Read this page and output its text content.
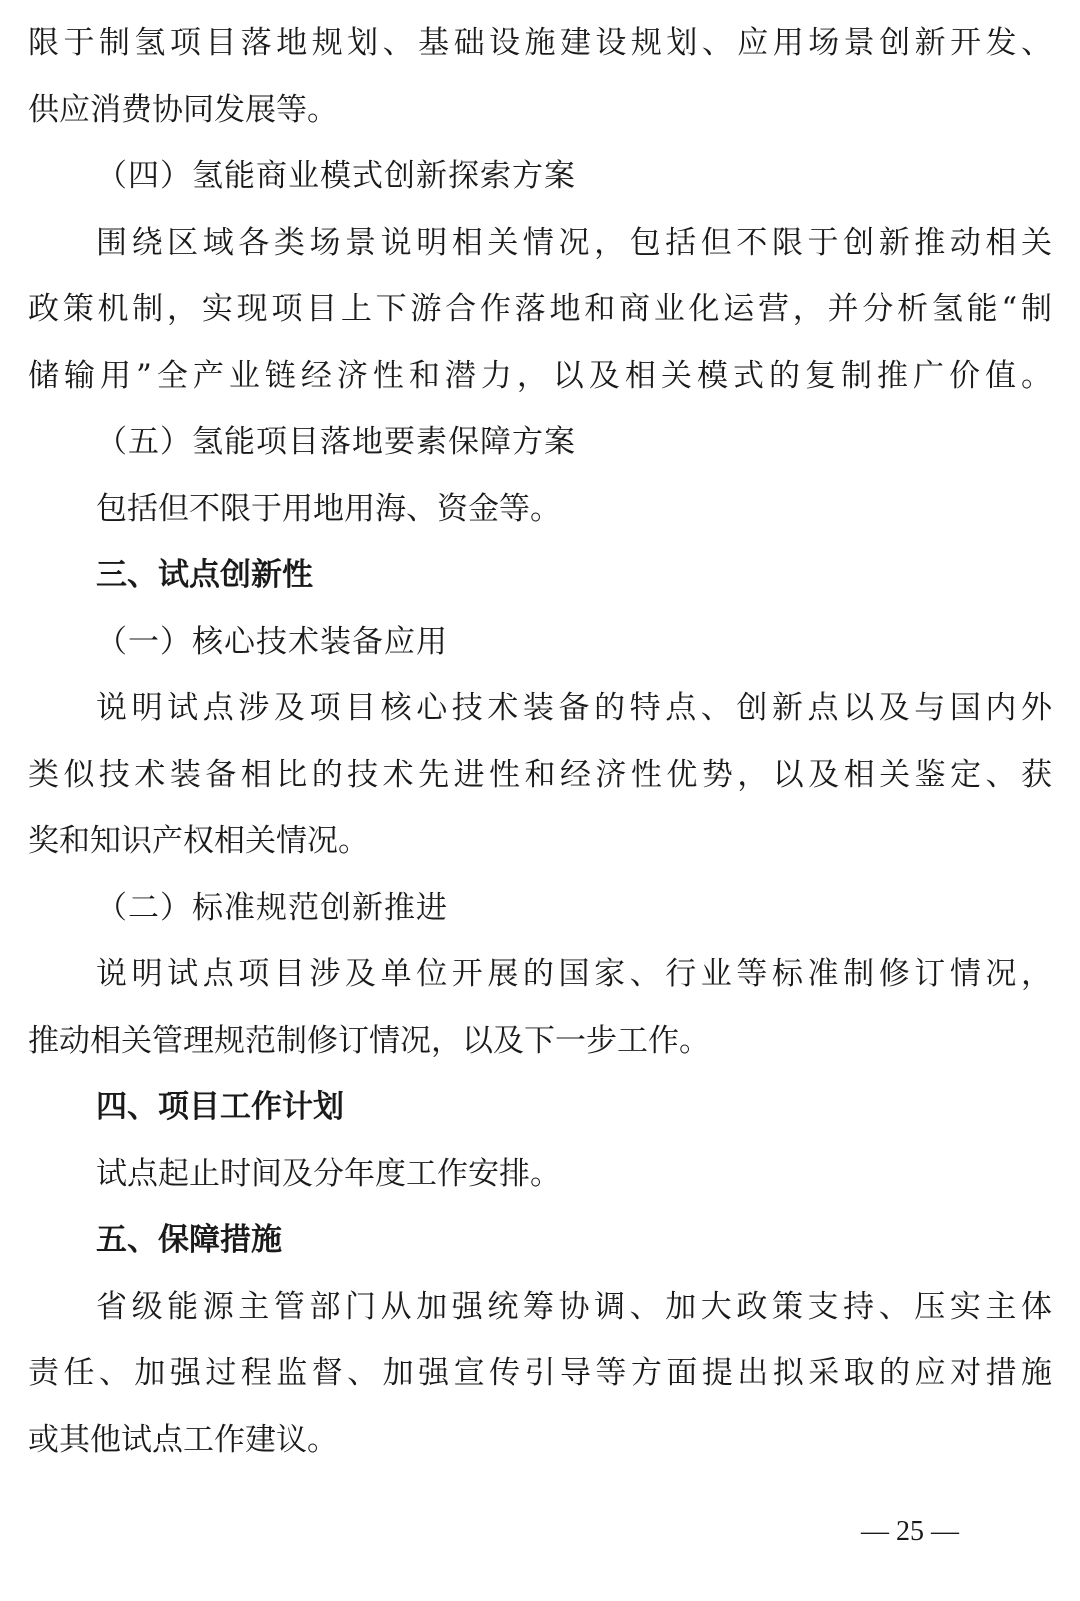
限于制氢项目落地规划、基础设施建设规划、应用场景创新开发、
供应消费协同发展等。
（四）氢能商业模式创新探索方案
围绕区域各类场景说明相关情况，包括但不限于创新推动相关
政策机制，实现项目上下游合作落地和商业化运营，并分析氢能“制
储输用”全产业链经济性和潜力，以及相关模式的复制推广价值。
（五）氢能项目落地要素保障方案
包括但不限于用地用海、资金等。
三、试点创新性
（一）核心技术装备应用
说明试点涉及项目核心技术装备的特点、创新点以及与国内外
类似技术装备相比的技术先进性和经济性优势，以及相关鉴定、获
奖和知识产权相关情况。
（二）标准规范创新推进
说明试点项目涉及单位开展的国家、行业等标准制修订情况，
推动相关管理规范制修订情况，以及下一步工作。
四、项目工作计划
试点起止时间及分年度工作安排。
五、保障措施
省级能源主管部门从加强统筹协调、加大政策支持、压实主体
责任、加强过程监督、加强宣传引导等方面提出拟采取的应对措施
或其他试点工作建议。
— 25 —
